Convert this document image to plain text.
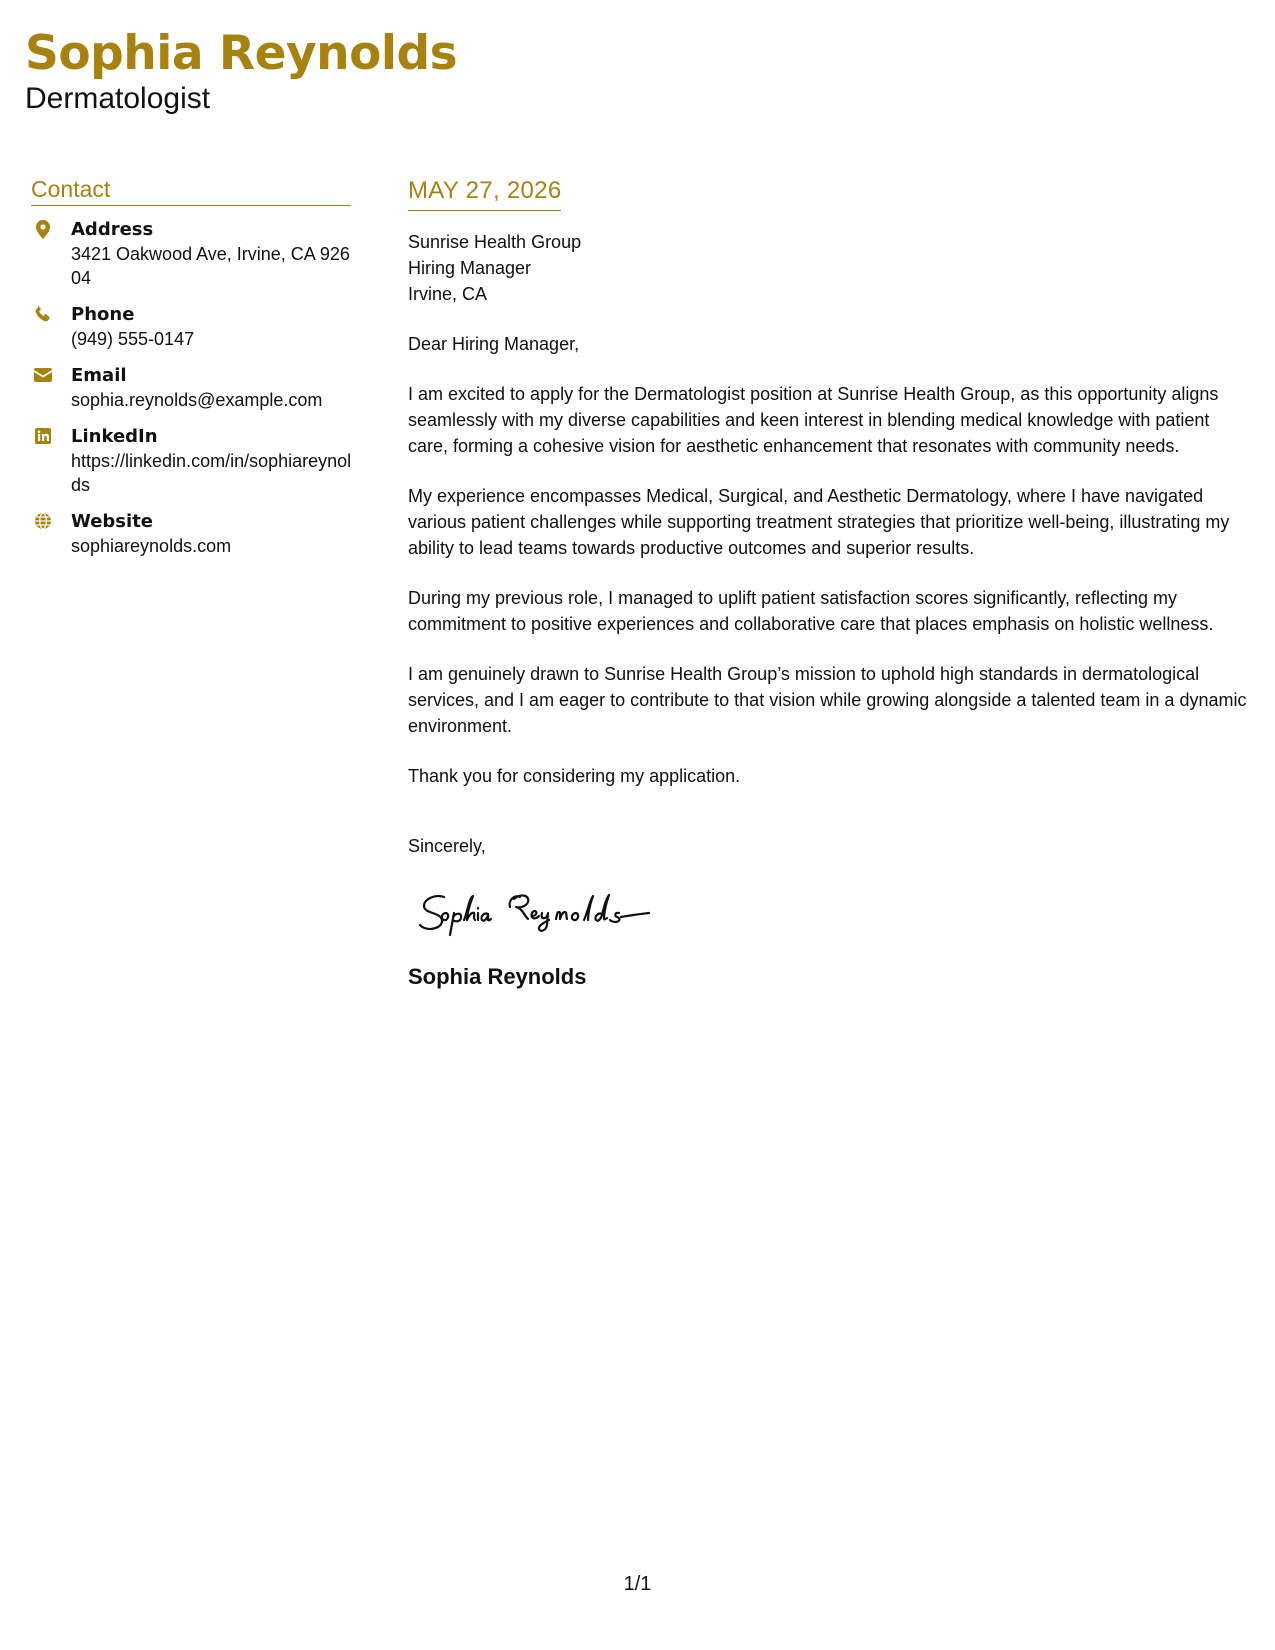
Sophia Reynolds
Dermatologist
Contact
Address
3421 Oakwood Ave, Irvine, CA 92604
Phone
(949) 555-0147
Email
sophia.reynolds@example.com
LinkedIn
https://linkedin.com/in/sophiareynolds
Website
sophiareynolds.com
MAY 27, 2026
Sunrise Health Group
Hiring Manager
Irvine, CA

Dear Hiring Manager,

I am excited to apply for the Dermatologist position at Sunrise Health Group, as this opportunity aligns seamlessly with my diverse capabilities and keen interest in blending medical knowledge with patient care, forming a cohesive vision for aesthetic enhancement that resonates with community needs.

My experience encompasses Medical, Surgical, and Aesthetic Dermatology, where I have navigated various patient challenges while supporting treatment strategies that prioritize well-being, illustrating my ability to lead teams towards productive outcomes and superior results.

During my previous role, I managed to uplift patient satisfaction scores significantly, reflecting my commitment to positive experiences and collaborative care that places emphasis on holistic wellness.

I am genuinely drawn to Sunrise Health Group’s mission to uphold high standards in dermatological services, and I am eager to contribute to that vision while growing alongside a talented team in a dynamic environment.

Thank you for considering my application.

Sincerely,

Sophia Reynolds
1/1
